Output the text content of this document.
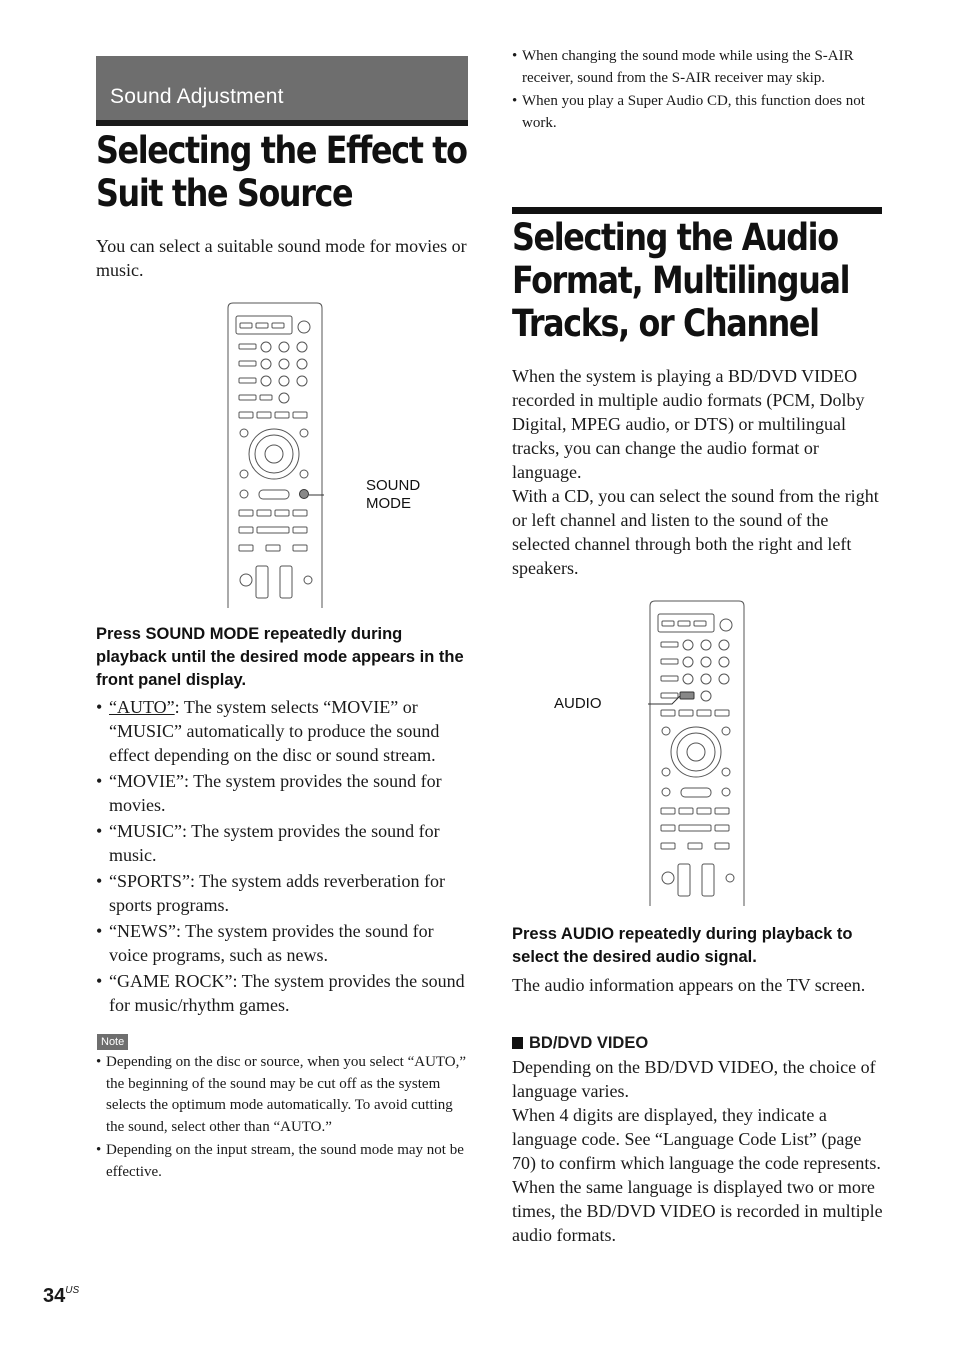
Sound Adjustment
Selecting the Effect to
Suit the Source
You can select a suitable sound mode for movies or music.
SOUND
MODE
Press SOUND MODE repeatedly during playback until the desired mode appears in the front panel display.
• “AUTO”: The system selects “MOVIE” or “MUSIC” automatically to produce the sound effect depending on the disc or sound stream.
• “MOVIE”: The system provides the sound for movies.
• “MUSIC”: The system provides the sound for music.
• “SPORTS”: The system adds reverberation for sports programs.
• “NEWS”: The system provides the sound for voice programs, such as news.
• “GAME ROCK”: The system provides the sound for music/rhythm games.
Note
• Depending on the disc or source, when you select “AUTO,” the beginning of the sound may be cut off as the system selects the optimum mode automatically. To avoid cutting the sound, select other than “AUTO.”
• Depending on the input stream, the sound mode may not be effective.
• When changing the sound mode while using the S-AIR receiver, sound from the S-AIR receiver may skip.
• When you play a Super Audio CD, this function does not work.
Selecting the Audio
Format, Multilingual
Tracks, or Channel
When the system is playing a BD/DVD VIDEO recorded in multiple audio formats (PCM, Dolby Digital, MPEG audio, or DTS) or multilingual tracks, you can change the audio format or language.
With a CD, you can select the sound from the right or left channel and listen to the sound of the selected channel through both the right and left speakers.
AUDIO
Press AUDIO repeatedly during playback to select the desired audio signal.
The audio information appears on the TV screen.
BD/DVD VIDEO
Depending on the BD/DVD VIDEO, the choice of language varies.
When 4 digits are displayed, they indicate a language code. See “Language Code List” (page 70) to confirm which language the code represents. When the same language is displayed two or more times, the BD/DVD VIDEO is recorded in multiple audio formats.
$34^{US}$
